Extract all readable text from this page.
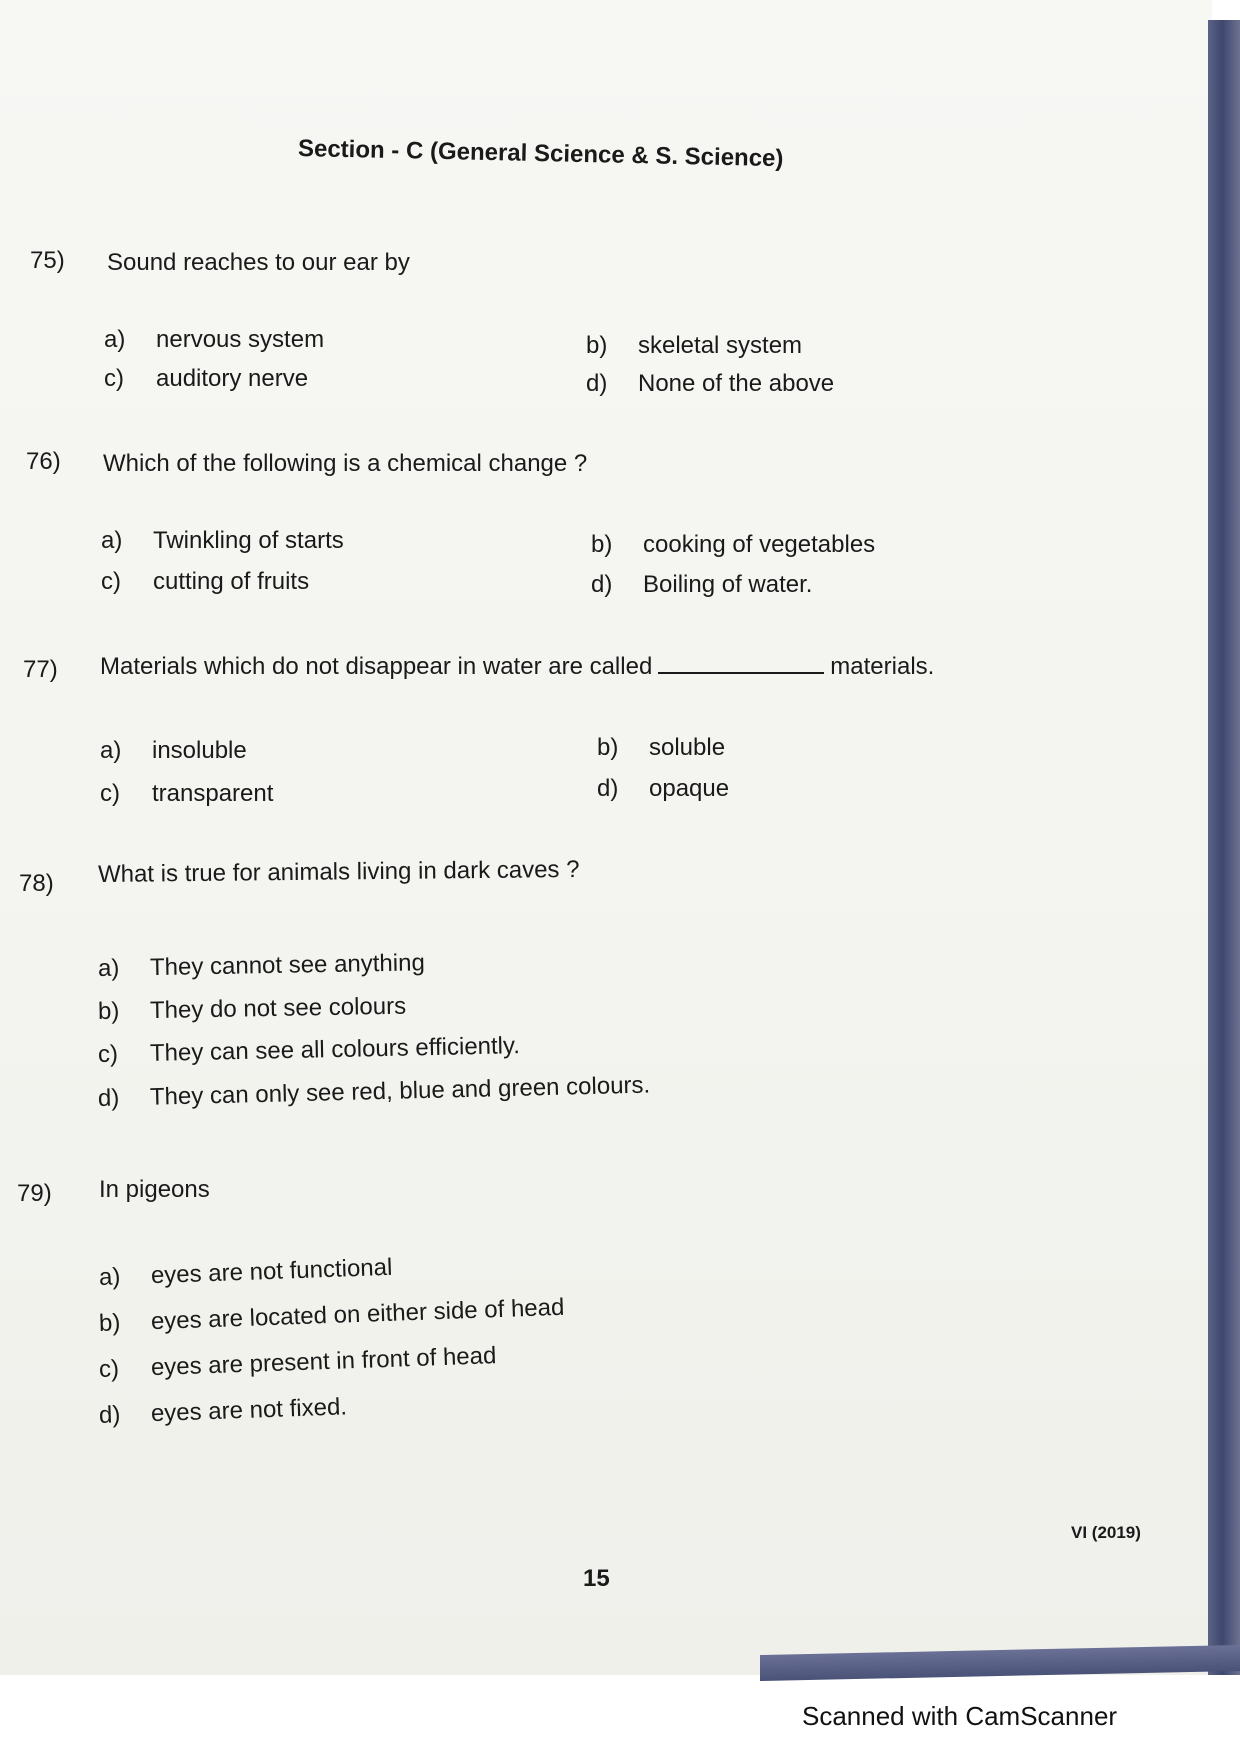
Section - C (General Science & S. Science)
75) Sound reaches to our ear by
a) nervous system	b) skeletal system
c) auditory nerve	d) None of the above
76) Which of the following is a chemical change ?
a) Twinkling of starts	b) cooking of vegetables
c) cutting of fruits	d) Boiling of water.
77) Materials which do not disappear in water are called	materials.
a) insoluble	b) soluble
c) transparent	d) opaque
78) What is true for animals living in dark caves ?
a) They cannot see anything
b) They do not see colours
c) They can see all colours efficiently.
d) They can only see red, blue and green colours.
79) In pigeons
a) eyes are not functional
b) eyes are located on either side of head
c) eyes are present in front of head
d) eyes are not fixed.
VI (2019)
15
Scanned with CamScanner
